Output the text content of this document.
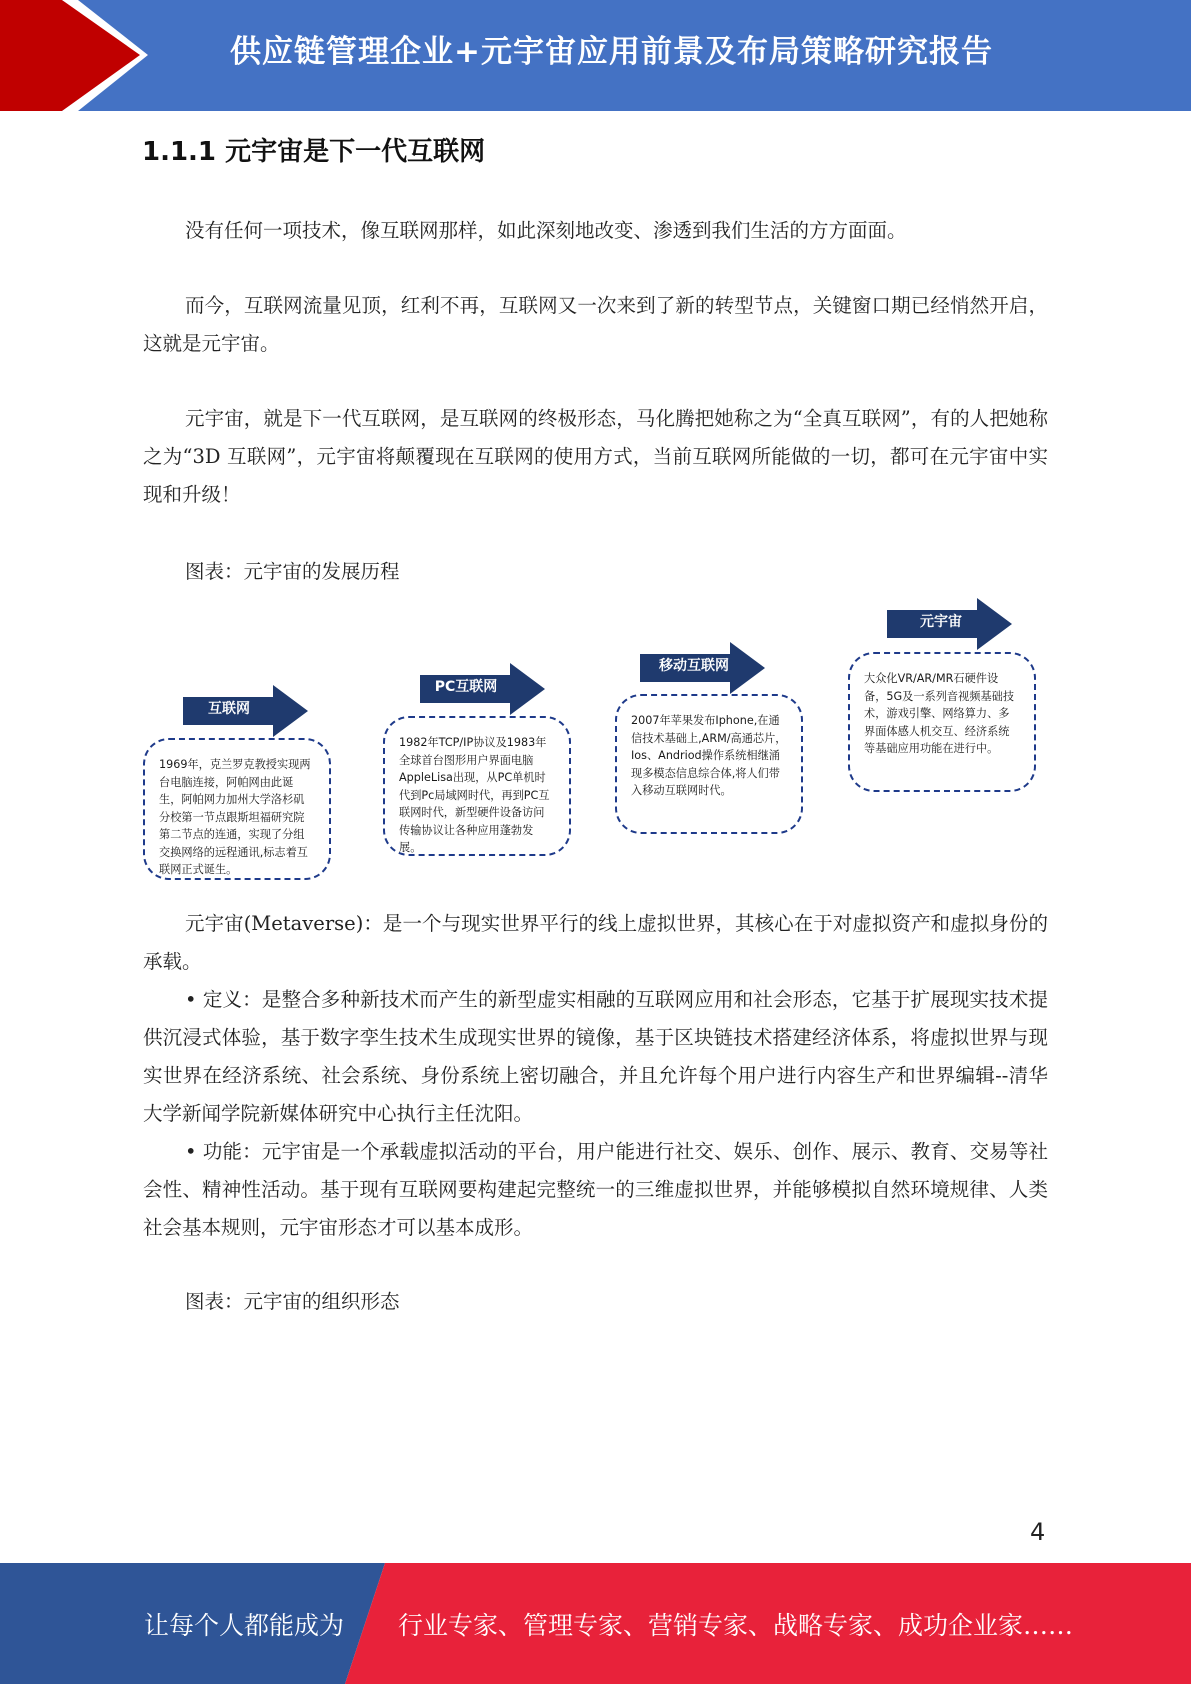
供应链管理企业+元宇宙应用前景及布局策略研究报告
1.1.1 元宇宙是下一代互联网

没有任何一项技术，像互联网那样，如此深刻地改变、渗透到我们生活的方方面面。

而今，互联网流量见顶，红利不再，互联网又一次来到了新的转型节点，关键窗口期已经悄然开启，这就是元宇宙。

元宇宙，就是下一代互联网，是互联网的终极形态，马化腾把她称之为“全真互联网”，有的人把她称之为“3D 互联网”，元宇宙将颠覆现在互联网的使用方式，当前互联网所能做的一切，都可在元宇宙中实现和升级！

图表：元宇宙的发展历程

互联网
1969年，克兰罗克教授实现两台电脑连接，阿帕网由此诞生，阿帕网力加州大学洛杉矶分校第一节点跟斯坦福研究院第二节点的连通，实现了分组交换网络的远程通讯,标志着互联网正式诞生。
PC互联网
1982年TCP/IP协议及1983年全球首台图形用户界面电脑AppleLisa出现，从PC单机时代到Pc局域网时代，再到PC互联网时代，新型硬件设备访问传输协议让各种应用蓬勃发展。
移动互联网
2007年苹果发布Iphone,在通信技术基础上,ARM/高通芯片，Ios、Andriod操作系统相继涌现多模态信息综合体,将人们带入移动互联网时代。
元宇宙
大众化VR/AR/MR石硬件设备，5G及一系列音视频基础技术，游戏引擎、网络算力、多界面体感人机交互、经济系统等基础应用功能在进行中。

元宇宙(Metaverse)：是一个与现实世界平行的线上虚拟世界，其核心在于对虚拟资产和虚拟身份的承载。

• 定义：是整合多种新技术而产生的新型虚实相融的互联网应用和社会形态，它基于扩展现实技术提供沉浸式体验，基于数字孪生技术生成现实世界的镜像，基于区块链技术搭建经济体系，将虚拟世界与现实世界在经济系统、社会系统、身份系统上密切融合，并且允许每个用户进行内容生产和世界编辑--清华大学新闻学院新媒体研究中心执行主任沈阳。

• 功能：元宇宙是一个承载虚拟活动的平台，用户能进行社交、娱乐、创作、展示、教育、交易等社会性、精神性活动。基于现有互联网要构建起完整统一的三维虚拟世界，并能够模拟自然环境规律、人类社会基本规则，元宇宙形态才可以基本成形。

图表：元宇宙的组织形态

4
让每个人都能成为 行业专家、管理专家、营销专家、战略专家、成功企业家……
